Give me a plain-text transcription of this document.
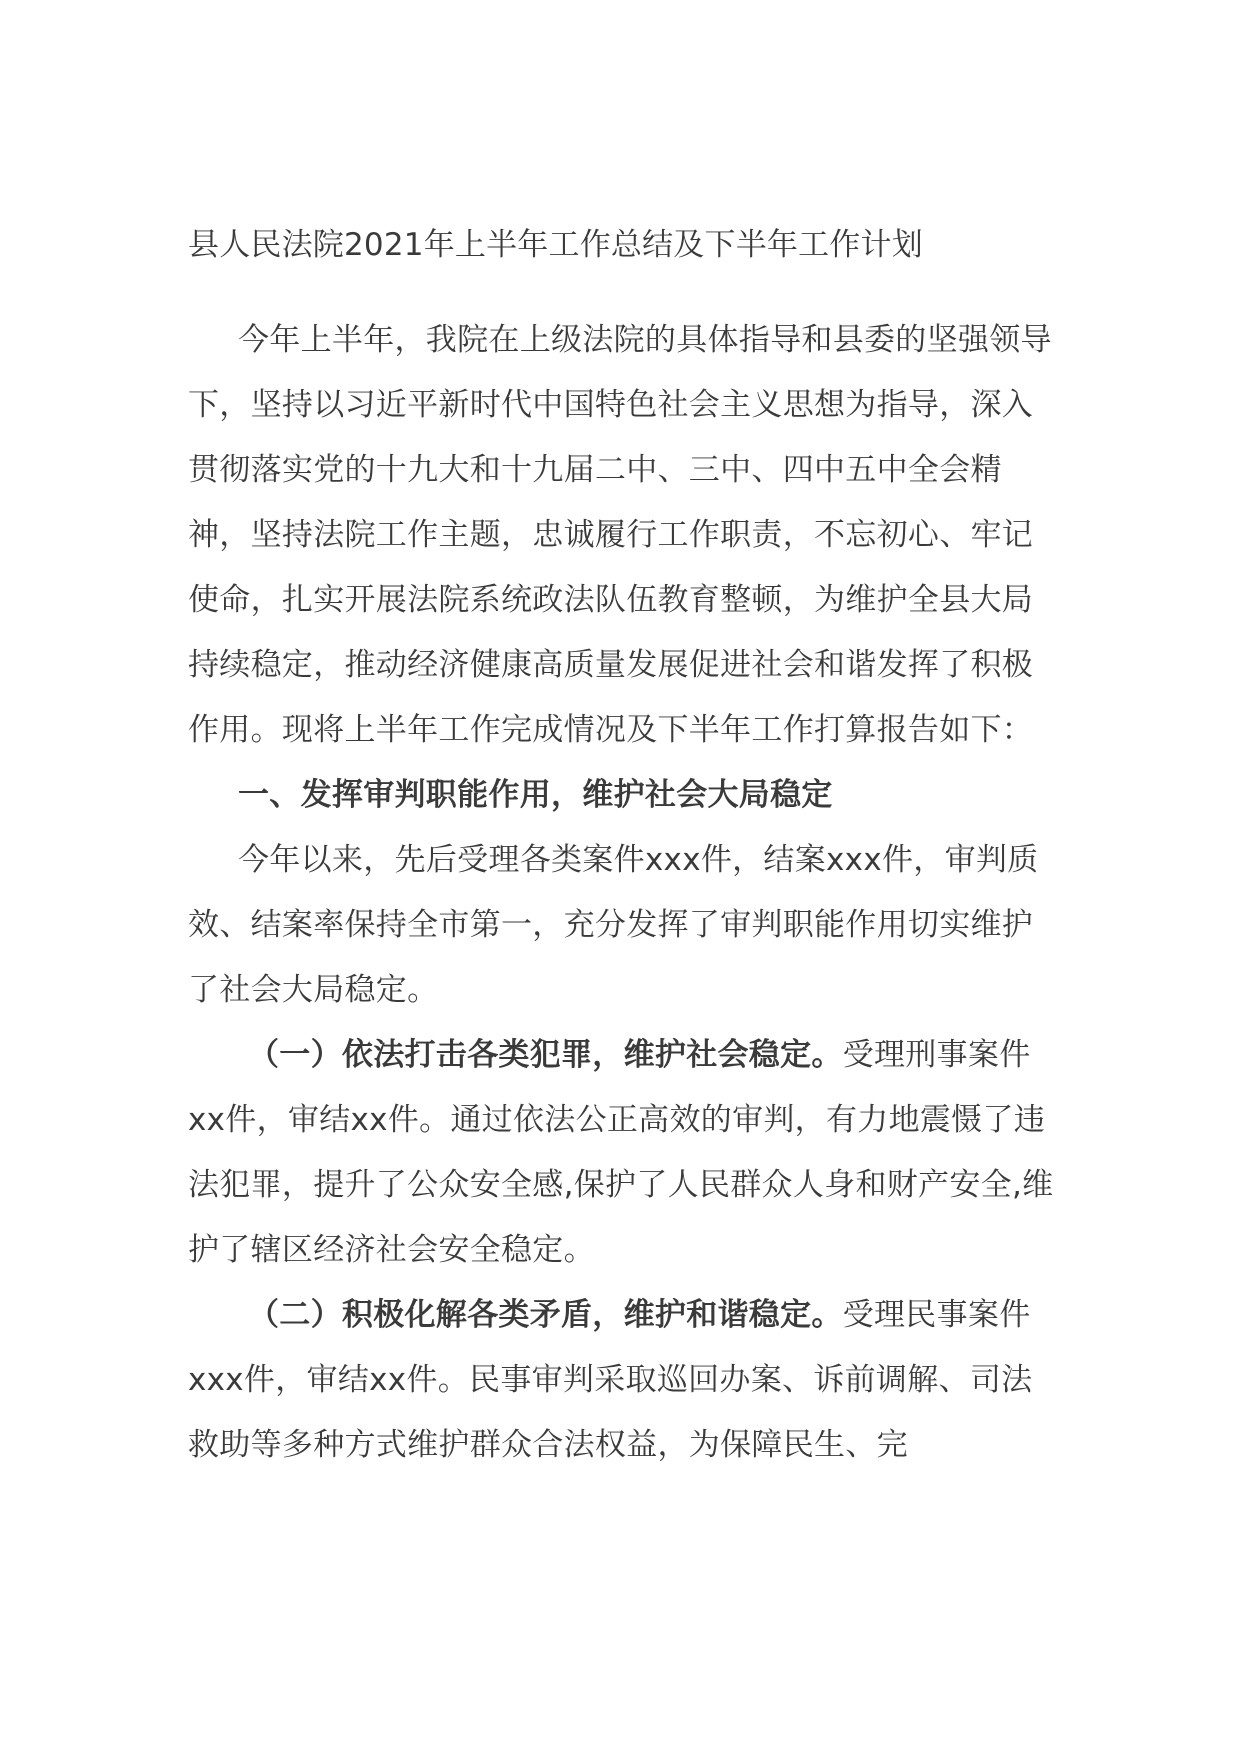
县人民法院2021年上半年工作总结及下半年工作计划

今年上半年，我院在上级法院的具体指导和县委的坚强领导下，坚持以习近平新时代中国特色社会主义思想为指导，深入贯彻落实党的十九大和十九届二中、三中、四中五中全会精神，坚持法院工作主题，忠诚履行工作职责，不忘初心、牢记使命，扎实开展法院系统政法队伍教育整顿，为维护全县大局持续稳定，推动经济健康高质量发展促进社会和谐发挥了积极作用。现将上半年工作完成情况及下半年工作打算报告如下：

一、发挥审判职能作用，维护社会大局稳定

今年以来，先后受理各类案件xxx件，结案xxx件，审判质效、结案率保持全市第一，充分发挥了审判职能作用切实维护了社会大局稳定。

（一）依法打击各类犯罪，维护社会稳定。受理刑事案件xx件，审结xx件。通过依法公正高效的审判，有力地震慑了违法犯罪，提升了公众安全感,保护了人民群众人身和财产安全,维护了辖区经济社会安全稳定。

（二）积极化解各类矛盾，维护和谐稳定。受理民事案件xxx件，审结xx件。民事审判采取巡回办案、诉前调解、司法救助等多种方式维护群众合法权益，为保障民生、完
